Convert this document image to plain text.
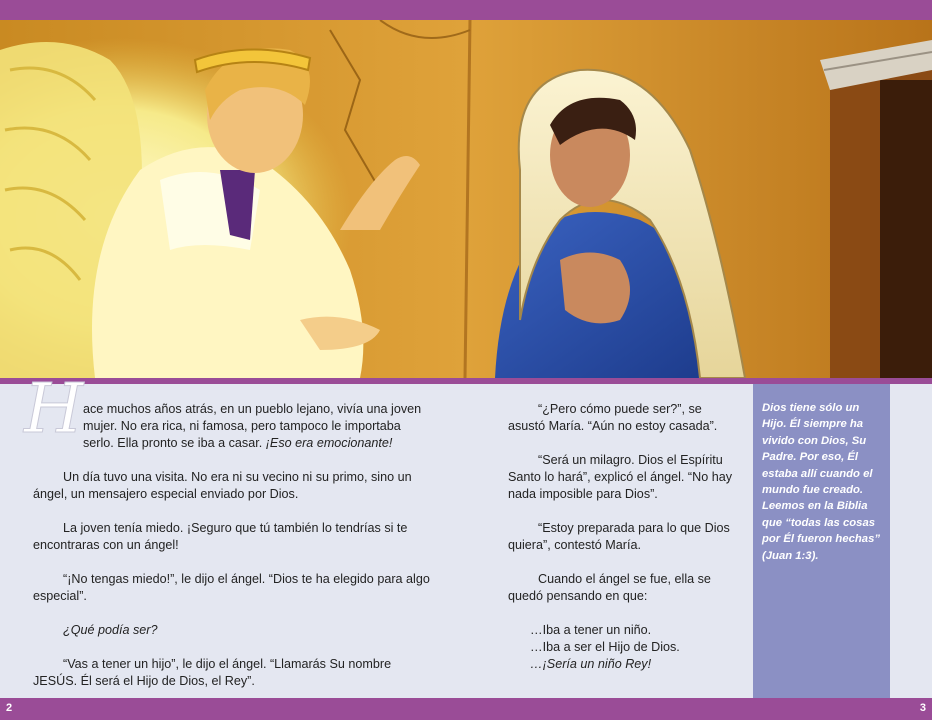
H ace muchos años atrás, en un pueblo lejano, vivía una joven mujer. No era rica, ni famosa, pero tampoco le importaba serlo. Ella pronto se iba a casar. ¡Eso era emocionante!

Un día tuvo una visita. No era ni su vecino ni su primo, sino un ángel, un mensajero especial enviado por Dios.

La joven tenía miedo. ¡Seguro que tú también lo tendrías si te encontraras con un ángel!

“¡No tengas miedo!”, le dijo el ángel. “Dios te ha elegido para algo especial”.

¿Qué podía ser?

“Vas a tener un hijo”, le dijo el ángel. “Llamarás Su nombre JESÚS. Él será el Hijo de Dios, el Rey”.

“¿Pero cómo puede ser?”, se asustó María. “Aún no estoy casada”.

“Será un milagro. Dios el Espíritu Santo lo hará”, explicó el ángel. “No hay nada imposible para Dios”.

“Estoy preparada para lo que Dios quiera”, contestó María.

Cuando el ángel se fue, ella se quedó pensando en que:

…Iba a tener un niño.
…Iba a ser el Hijo de Dios.
…¡Sería un niño Rey!
Dios tiene sólo un Hijo. Él siempre ha vivido con Dios, Su Padre. Por eso, Él estaba allí cuando el mundo fue creado. Leemos en la Biblia que “todas las cosas por Él fueron hechas” (Juan 1:3).
2	3
